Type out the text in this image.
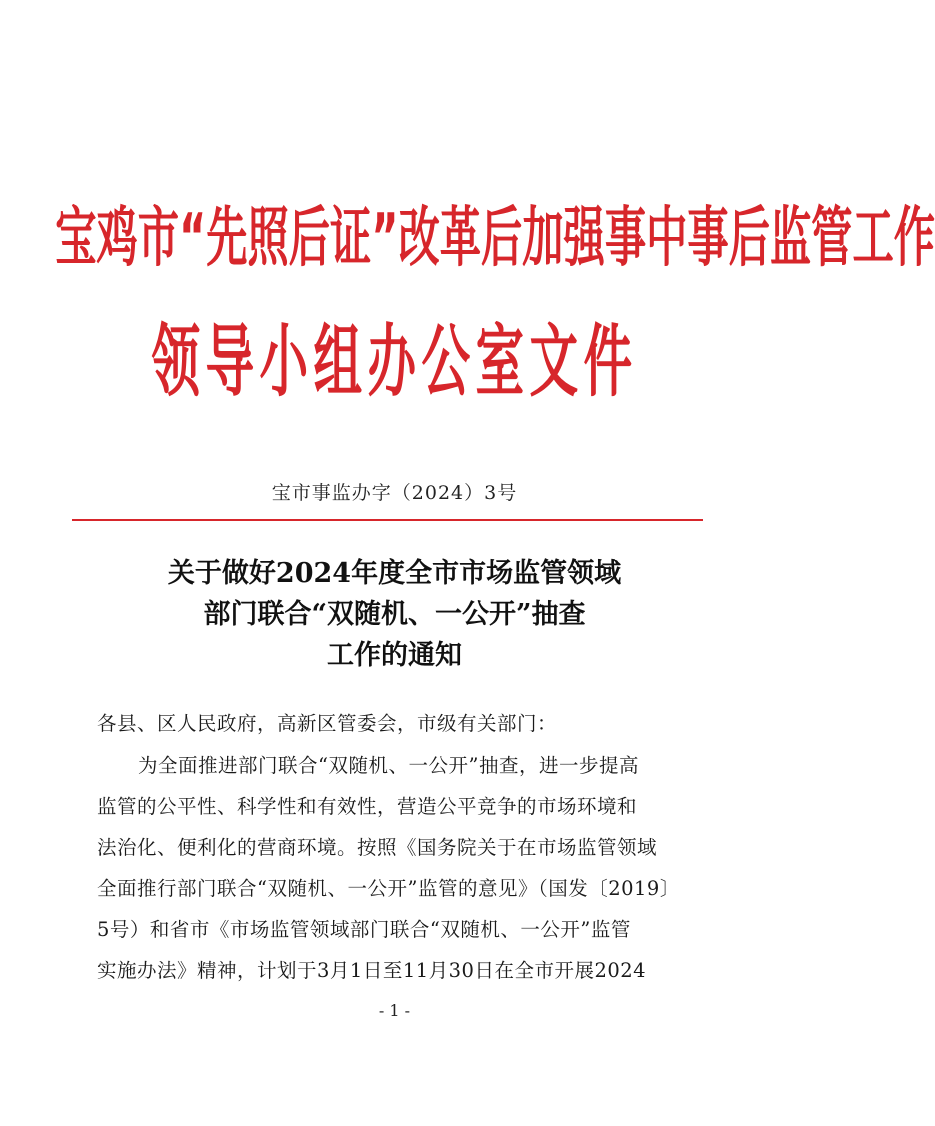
宝鸡市“先照后证”改革后加强事中事后监管工作
领导小组办公室文件
宝市事监办字（2024）3号
关于做好2024年度全市市场监管领域
部门联合“双随机、一公开”抽查
工作的通知
各县、区人民政府，高新区管委会，市级有关部门：
为全面推进部门联合“双随机、一公开”抽查，进一步提高
监管的公平性、科学性和有效性，营造公平竞争的市场环境和
法治化、便利化的营商环境。按照《国务院关于在市场监管领域
全面推行部门联合“双随机、一公开”监管的意见》（国发〔2019〕
5号）和省市《市场监管领域部门联合“双随机、一公开”监管
实施办法》精神，计划于3月1日至11月30日在全市开展2024
- 1 -
